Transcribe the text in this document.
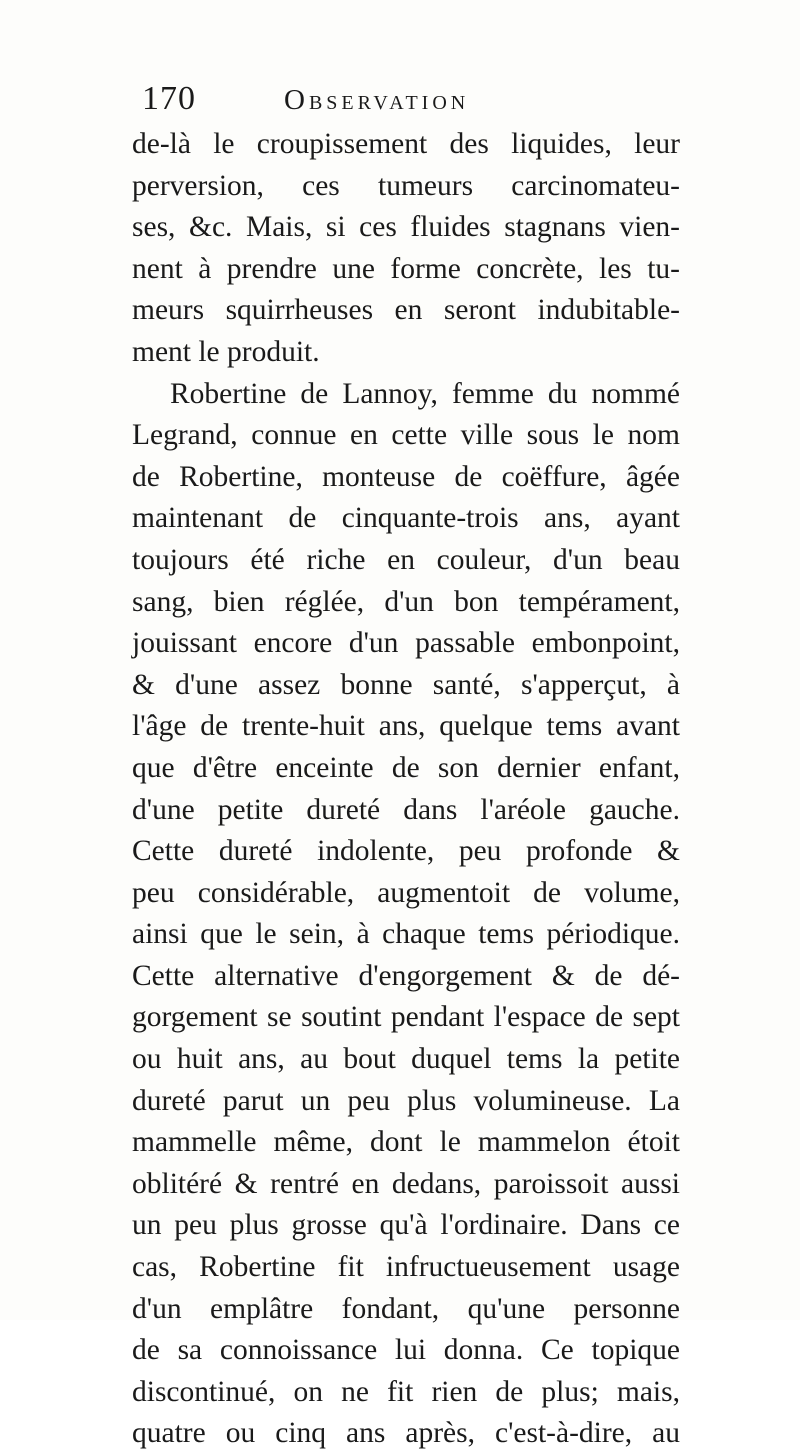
170	Observation
de-là le croupissement des liquides, leur
perversion, ces tumeurs carcinomateu-
ses, &c. Mais, si ces fluides stagnans vien-
nent à prendre une forme concrète, les tu-
meurs squirrheuses en seront indubitable-
ment le produit.
Robertine de Lannoy, femme du nommé
Legrand, connue en cette ville sous le nom
de Robertine, monteuse de coëffure, âgée
maintenant de cinquante-trois ans, ayant
toujours été riche en couleur, d'un beau
sang, bien réglée, d'un bon tempérament,
jouissant encore d'un passable embonpoint,
& d'une assez bonne santé, s'apperçut, à
l'âge de trente-huit ans, quelque tems avant
que d'être enceinte de son dernier enfant,
d'une petite dureté dans l'aréole gauche.
Cette dureté indolente, peu profonde &
peu considérable, augmentoit de volume,
ainsi que le sein, à chaque tems périodique.
Cette alternative d'engorgement & de dé-
gorgement se soutint pendant l'espace de sept
ou huit ans, au bout duquel tems la petite
dureté parut un peu plus volumineuse. La
mammelle même, dont le mammelon étoit
oblitéré & rentré en dedans, paroissoit aussi
un peu plus grosse qu'à l'ordinaire. Dans ce
cas, Robertine fit infructueusement usage
d'un emplâtre fondant, qu'une personne
de sa connoissance lui donna. Ce topique
discontinué, on ne fit rien de plus; mais,
quatre ou cinq ans après, c'est-à-dire, au
